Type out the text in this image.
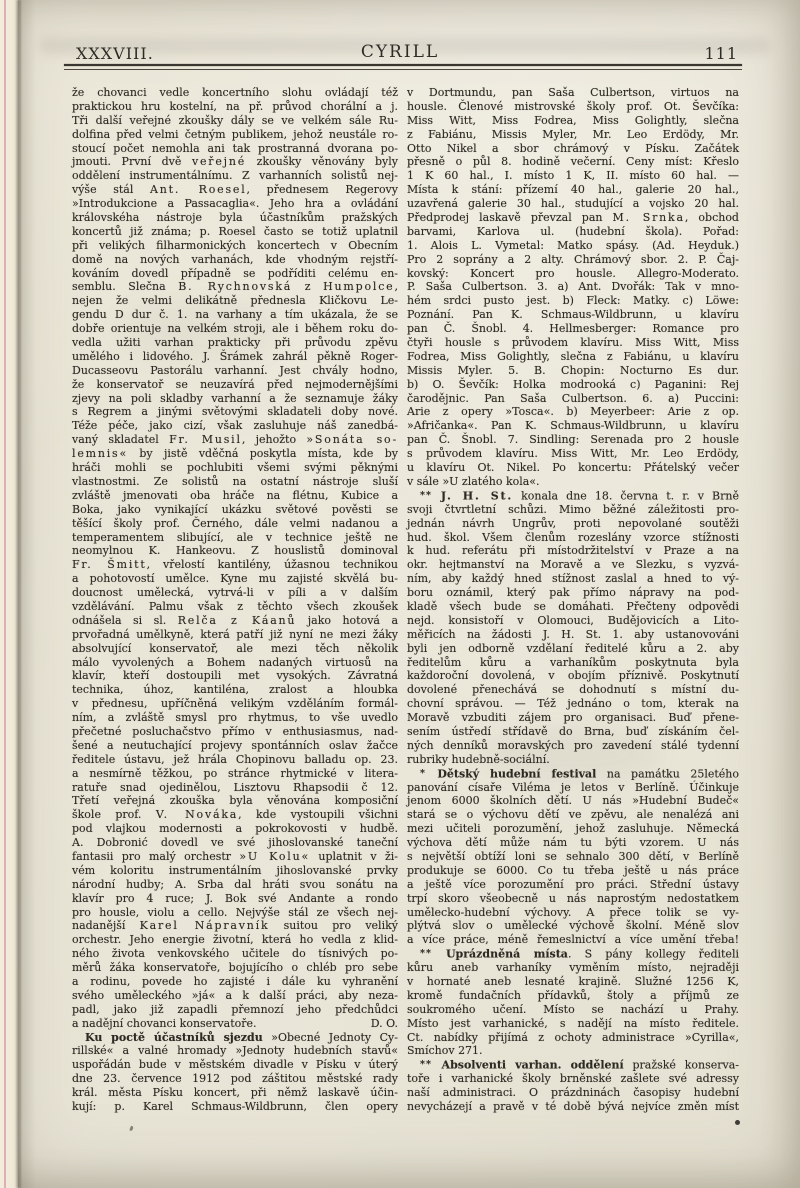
XXXVIII.	CYRILL	111
že chovanci vedle koncertního slohu ovládají též
praktickou hru kostelní, na př. průvod chorální a j.
Tři další veřejné zkoušky dály se ve velkém sále Ru-
dolfina před velmi četným publikem, jehož neustále ro-
stoucí počet nemohla ani tak prostranná dvorana po-
jmouti. První dvě veřejné zkoušky věnovány byly
oddělení instrumentálnímu. Z varhanních solistů nej-
výše stál Ant. Roesel, přednesem Regerovy
»Introdukcione a Passacaglia«. Jeho hra a ovládání
královskéha nástroje byla účastníkům pražských
koncertů již známa; p. Roesel často se totiž uplatnil
při velikých filharmonických koncertech v Obecním
domě na nových varhanách, kde vhodným rejstří-
kováním dovedl případně se podříditi celému en-
semblu. Slečna B. Rychnovská z Humpolce,
nejen že velmi delikátně přednesla Kličkovu Le-
gendu D dur č. 1. na varhany a tím ukázala, že se
dobře orientuje na velkém stroji, ale i během roku do-
vedla užiti varhan prakticky při průvodu zpěvu
umělého i lidového. J. Šrámek zahrál pěkně Roger-
Ducasseovu Pastorálu varhanní. Jest chvály hodno,
že konservatoř se neuzavírá před nejmodernějšími
zjevy na poli skladby varhanní a že seznamuje žáky
s Regrem a jinými světovými skladateli doby nové.
Téže péče, jako cizí, však zasluhuje náš zanedbá-
vaný skladatel Fr. Musil, jehožto »Sonáta so-
lemnis« by jistě vděčná poskytla místa, kde by
hráči mohli se pochlubiti všemi svými pěknými
vlastnostmi. Ze solistů na ostatní nástroje sluší
zvláště jmenovati oba hráče na flétnu, Kubice a
Boka, jako vynikající ukázku světové pověsti se
těšící školy prof. Černého, dále velmi nadanou a
temperamentem slibující, ale v technice ještě ne
neomylnou K. Hankeovu. Z houslistů dominoval
Fr. Šmitt, vřelostí kantilény, úžasnou technikou
a pohotovostí umělce. Kyne mu zajisté skvělá bu-
doucnost umělecká, vytrvá-li v píli a v dalším
vzdělávání. Palmu však z těchto všech zkoušek
odnášela si sl. Relča z Káanů jako hotová a
prvořadná umělkyně, která patří již nyní ne mezi žáky
absolvující konservatoř, ale mezi těch několik
málo vyvolených a Bohem nadaných virtuosů na
klavír, kteří dostoupili met vysokých. Závratná
technika, úhoz, kantiléna, zralost a hloubka
v přednesu, upříčněná velikým vzděláním formál-
ním, a zvláště smysl pro rhytmus, to vše uvedlo
přečetné posluchačstvo přímo v enthusiasmus, nad-
šené a neutuchající projevy spontánních oslav žačce
ředitele ústavu, jež hrála Chopinovu balladu op. 23.
a nesmírně těžkou, po stránce rhytmické v litera-
ratuře snad ojedinělou, Lisztovu Rhapsodii č 12.
Třetí veřejná zkouška byla věnována komposiční
škole prof. V. Nováka, kde vystoupili všichni
pod vlajkou modernosti a pokrokovosti v hudbě.
A. Dobronić dovedl ve své jihoslovanské taneční
fantasii pro malý orchestr »U Kolu« uplatnit v ži-
vém koloritu instrumentálním jihoslovanské prvky
národní hudby; A. Srba dal hráti svou sonátu na
klavír pro 4 ruce; J. Bok své Andante a rondo
pro housle, violu a cello. Nejvýše stál ze všech nej-
nadanější Karel Nápravník suitou pro veliký
orchestr. Jeho energie životní, která ho vedla z klid-
ného života venkovského učitele do tísnivých po-
měrů žáka konservatoře, bojujícího o chléb pro sebe
a rodinu, povede ho zajisté i dále ku vyhranění
svého uměleckého »já« a k další práci, aby neza-
padl, jako již zapadli přemnozí jeho předchůdci
a nadějní chovanci konservatoře.	D. O.
Ku poctě účastníků sjezdu »Obecné Jednoty Cy-
rillské« a valné hromady »Jednoty hudebních stavů«
uspořádán bude v městském divadle v Písku v úterý
dne 23. července 1912 pod záštitou městské rady
král. města Písku koncert, při němž laskavě účin-
kují: p. Karel Schmaus-Wildbrunn, člen opery
v Dortmundu, pan Saša Culbertson, virtuos na
housle. Členové mistrovské školy prof. Ot. Ševčíka:
Miss Witt, Miss Fodrea, Miss Golightly, slečna
z Fabiánu, Missis Myler, Mr. Leo Erdödy, Mr.
Otto Nikel a sbor chrámový v Písku. Začátek
přesně o půl 8. hodině večerní. Ceny míst: Křeslo
1 K 60 hal., I. místo 1 K, II. místo 60 hal. —
Místa k stání: přízemí 40 hal., galerie 20 hal.,
uzavřená galerie 30 hal., studující a vojsko 20 hal.
Předprodej laskavě převzal pan M. Srnka, obchod
barvami, Karlova ul. (hudební škola). Pořad:
1. Alois L. Vymetal: Matko spásy. (Ad. Heyduk.)
Pro 2 soprány a 2 alty. Chrámový sbor. 2. P. Čaj-
kovský: Koncert pro housle. Allegro-Moderato.
P. Saša Culbertson. 3. a) Ant. Dvořák: Tak v mno-
hém srdci pusto jest. b) Fleck: Matky. c) Löwe:
Poznání. Pan K. Schmaus-Wildbrunn, u klavíru
pan Č. Šnobl. 4. Hellmesberger: Romance pro
čtyři housle s průvodem klavíru. Miss Witt, Miss
Fodrea, Miss Golightly, slečna z Fabiánu, u klavíru
Missis Myler. 5. B. Chopin: Nocturno Es dur.
b) O. Ševčík: Holka modrooká c) Paganini: Rej
čarodějnic. Pan Saša Culbertson. 6. a) Puccini:
Arie z opery »Tosca«. b) Meyerbeer: Arie z op.
»Afričanka«. Pan K. Schmaus-Wildbrunn, u klavíru
pan Č. Šnobl. 7. Sindling: Serenada pro 2 housle
s průvodem klavíru. Miss Witt, Mr. Leo Erdödy,
u klavíru Ot. Nikel. Po koncertu: Přátelský večer
v sále »U zlatého kola«.
** J. H. St. konala dne 18. června t. r. v Brně
svoji čtvrtletní schůzi. Mimo běžné záležitosti pro-
jednán návrh Ungrův, proti nepovolané soutěži
hud. škol. Všem členům rozeslány vzorce stížnosti
k hud. referátu při místodržitelství v Praze a na
okr. hejtmanství na Moravě a ve Slezku, s vyzvá-
ním, aby každý hned stížnost zaslal a hned to vý-
boru oznámil, který pak přímo nápravy na pod-
kladě všech bude se domáhati. Přečteny odpovědi
nejd. konsistoří v Olomouci, Budějovicích a Lito-
měřicích na žádosti J. H. St. 1. aby ustanovováni
byli jen odborně vzdělaní ředitelé kůru a 2. aby
ředitelům kůru a varhaníkům poskytnuta byla
každoroční dovolená, v obojím příznivě. Poskytnutí
dovolené přenechává se dohodnutí s místní du-
chovní správou. — Též jednáno o tom, kterak na
Moravě vzbuditi zájem pro organisaci. Buď přene-
sením ústředí střídavě do Brna, buď získáním čel-
ných denníků moravských pro zavedení stálé tydenní
rubriky hudebně-sociální.
* Dětský hudební festival na památku 25letého
panování císaře Viléma je letos v Berlíně. Účinkuje
jenom 6000 školních dětí. U nás »Hudební Budeč«
stará se o výchovu dětí ve zpěvu, ale nenalézá ani
mezi učiteli porozumění, jehož zasluhuje. Německá
výchova dětí může nám tu býti vzorem. U nás
s největší obtíží loni se sehnalo 300 dětí, v Berlíně
produkuje se 6000. Co tu třeba ještě u nás práce
a ještě více porozumění pro práci. Střední ústavy
trpí skoro všeobecně u nás naprostým nedostatkem
umělecko-hudební výchovy. A přece tolik se vy-
plýtvá slov o umělecké výchově školní. Méně slov
a více práce, méně řemeslnictví a více umění třeba!
** Uprázdněná místa. S pány kollegy řediteli
kůru aneb varhaníky vyměním místo, nejraději
v hornaté aneb lesnaté krajině. Služné 1256 K,
kromě fundačních přídavků, štoly a příjmů ze
soukromého učení. Místo se nachází u Prahy.
Místo jest varhanické, s nadějí na místo ředitele.
Ct. nabídky přijímá z ochoty administrace »Cyrilla«,
Smíchov 271.
** Absolventi varhan. oddělení pražské konserva-
toře i varhanické školy brněnské zašlete své adressy
naší administraci. O prázdninách časopisy hudební
nevycházejí a pravě v té době bývá nejvíce změn míst
